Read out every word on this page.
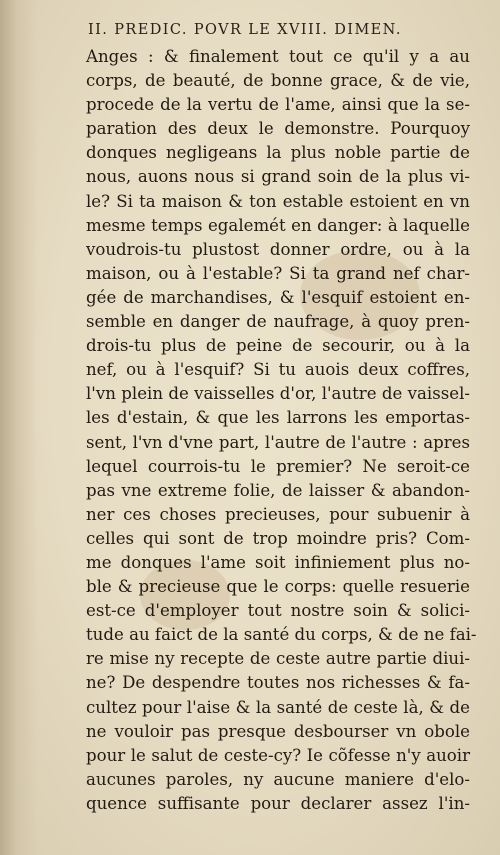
II. PREDIC. POVR LE XVIII. DIMEN.
Anges : & finalement tout ce qu'il y a au
corps, de beauté, de bonne grace, & de vie,
procede de la vertu de l'ame, ainsi que la se-
paration des deux le demonstre. Pourquoy
donques negligeans la plus noble partie de
nous, auons nous si grand soin de la plus vi-
le? Si ta maison & ton estable estoient en vn
mesme temps egalemét en danger: à laquelle
voudrois-tu plustost donner ordre, ou à la
maison, ou à l'estable? Si ta grand nef char-
gée de marchandises, & l'esquif estoient en-
semble en danger de naufrage, à quoy pren-
drois-tu plus de peine de secourir, ou à la
nef, ou à l'esquif? Si tu auois deux coffres,
l'vn plein de vaisselles d'or, l'autre de vaissel-
les d'estain, & que les larrons les emportas-
sent, l'vn d'vne part, l'autre de l'autre : apres
lequel courrois-tu le premier? Ne seroit-ce
pas vne extreme folie, de laisser & abandon-
ner ces choses precieuses, pour subuenir à
celles qui sont de trop moindre pris? Com-
me donques l'ame soit infiniement plus no-
ble & precieuse que le corps: quelle resuerie
est-ce d'employer tout nostre soin & solici-
tude au faict de la santé du corps, & de ne fai-
re mise ny recepte de ceste autre partie diui-
ne? De despendre toutes nos richesses & fa-
cultez pour l'aise & la santé de ceste là, & de
ne vouloir pas presque desbourser vn obole
pour le salut de ceste-cy? Ie cõfesse n'y auoir
aucunes paroles, ny aucune maniere d'elo-
quence suffisante pour declarer assez l'in-
